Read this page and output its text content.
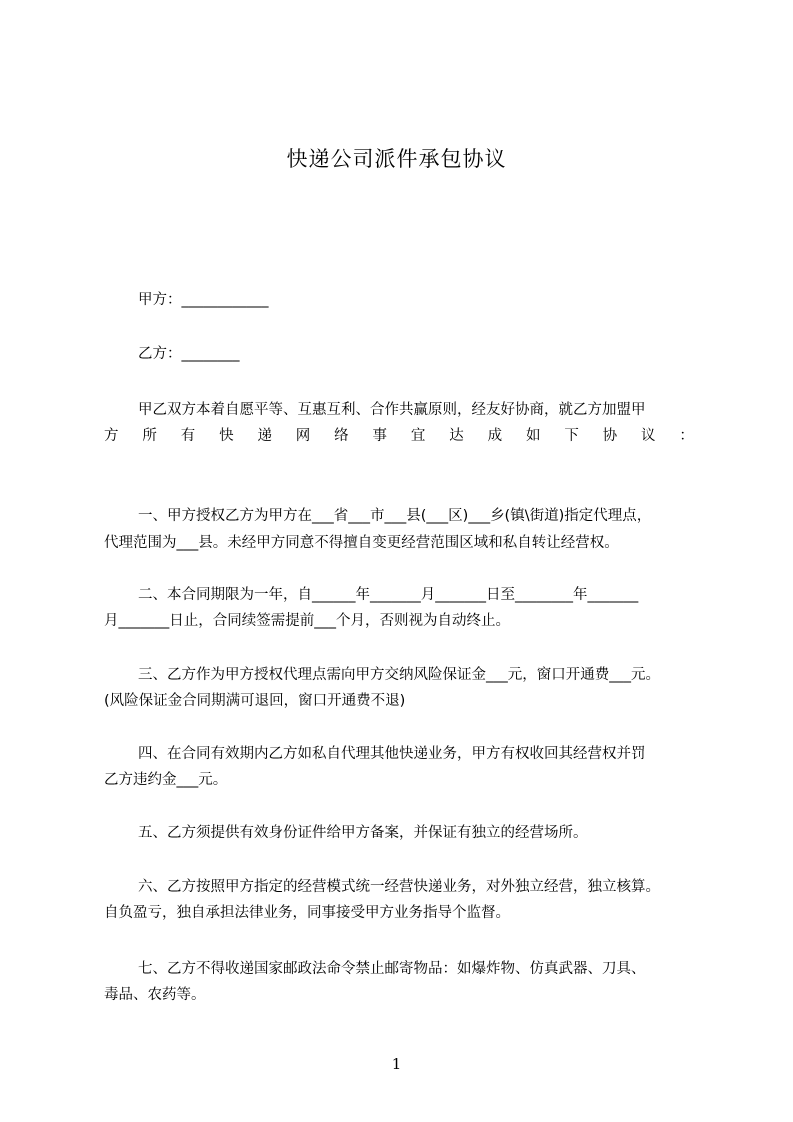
快递公司派件承包协议
甲方：____________
乙方：________
甲乙双方本着自愿平等、互惠互利、合作共赢原则，经友好协商，就乙方加盟甲
方 所 有 快 递 网 络 事 宜 达 成 如 下 协 议 ：
一、甲方授权乙方为甲方在___省___市___县(___区)___乡(镇\街道)指定代理点，
代理范围为___县。未经甲方同意不得擅自变更经营范围区域和私自转让经营权。
二、本合同期限为一年，自______年_______月_______日至________年_______
月_______日止，合同续签需提前___个月，否则视为自动终止。
三、乙方作为甲方授权代理点需向甲方交纳风险保证金___元，窗口开通费___元。
(风险保证金合同期满可退回，窗口开通费不退)
四、在合同有效期内乙方如私自代理其他快递业务，甲方有权收回其经营权并罚
乙方违约金___元。
五、乙方须提供有效身份证件给甲方备案，并保证有独立的经营场所。
六、乙方按照甲方指定的经营模式统一经营快递业务，对外独立经营，独立核算。
自负盈亏，独自承担法律业务，同事接受甲方业务指导个监督。
七、乙方不得收递国家邮政法命令禁止邮寄物品：如爆炸物、仿真武器、刀具、
毒品、农药等。
1
